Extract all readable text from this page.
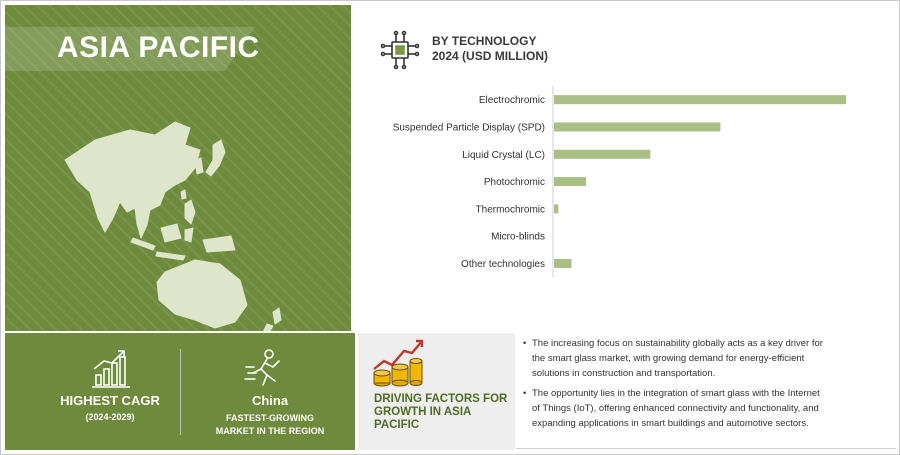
ASIA PACIFIC
HIGHEST CAGR
(2024-2029)
China
FASTEST-GROWING
MARKET IN THE REGION
BY TECHNOLOGY
2024 (USD MILLION)
Electrochromic
Suspended Particle Display (SPD)
Liquid Crystal (LC)
Photochromic
Thermochromic
Micro-blinds
Other technologies
DRIVING FACTORS FOR
GROWTH IN ASIA
PACIFIC
• The increasing focus on sustainability globally acts as a key driver for
the smart glass market, with growing demand for energy-efficient
solutions in construction and transportation.
• The opportunity lies in the integration of smart glass with the Internet
of Things (IoT), offering enhanced connectivity and functionality, and
expanding applications in smart buildings and automotive sectors.
